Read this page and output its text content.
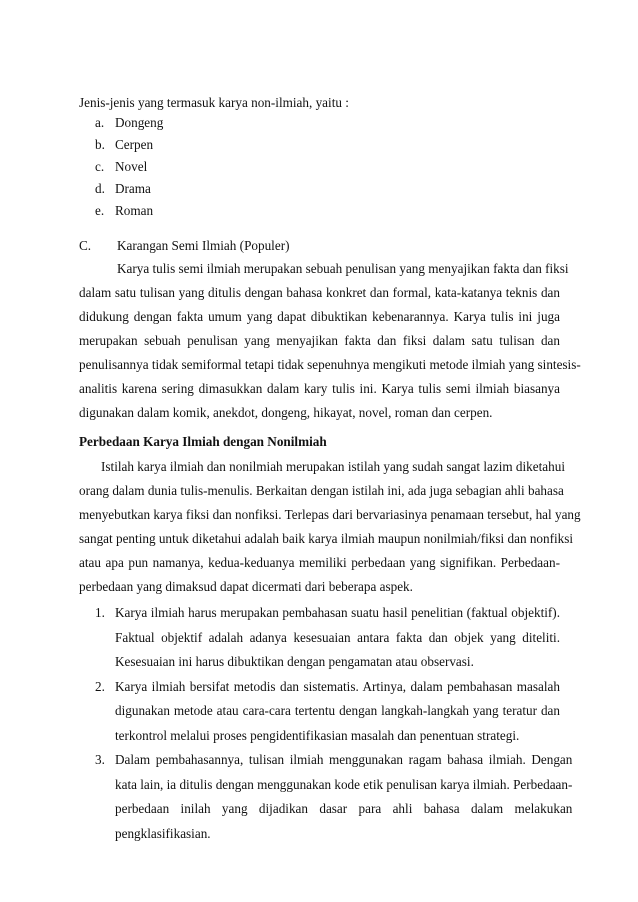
Jenis-jenis yang termasuk karya non-ilmiah, yaitu :
a. Dongeng
b. Cerpen
c. Novel
d. Drama
e. Roman
C.	Karangan Semi Ilmiah (Populer)
Karya tulis semi ilmiah merupakan sebuah penulisan yang menyajikan fakta dan fiksi
dalam satu tulisan yang ditulis dengan bahasa konkret dan formal, kata-katanya teknis dan
didukung dengan fakta umum yang dapat dibuktikan kebenarannya. Karya tulis ini juga
merupakan sebuah penulisan yang menyajikan fakta dan fiksi dalam satu tulisan dan
penulisannya tidak semiformal tetapi tidak sepenuhnya mengikuti metode ilmiah yang sintesis-
analitis karena sering dimasukkan dalam kary tulis ini. Karya tulis semi ilmiah biasanya
digunakan dalam komik, anekdot, dongeng, hikayat, novel, roman dan cerpen.
Perbedaan Karya Ilmiah dengan Nonilmiah
Istilah karya ilmiah dan nonilmiah merupakan istilah yang sudah sangat lazim diketahui
orang dalam dunia tulis-menulis. Berkaitan dengan istilah ini, ada juga sebagian ahli bahasa
menyebutkan karya fiksi dan nonfiksi. Terlepas dari bervariasinya penamaan tersebut, hal yang
sangat penting untuk diketahui adalah baik karya ilmiah maupun nonilmiah/fiksi dan nonfiksi
atau apa pun namanya, kedua-keduanya memiliki perbedaan yang signifikan. Perbedaan-
perbedaan yang dimaksud dapat dicermati dari beberapa aspek.
1. Karya ilmiah harus merupakan pembahasan suatu hasil penelitian (faktual objektif).
Faktual objektif adalah adanya kesesuaian antara fakta dan objek yang diteliti.
Kesesuaian ini harus dibuktikan dengan pengamatan atau observasi.
2. Karya ilmiah bersifat metodis dan sistematis. Artinya, dalam pembahasan masalah
digunakan metode atau cara-cara tertentu dengan langkah-langkah yang teratur dan
terkontrol melalui proses pengidentifikasian masalah dan penentuan strategi.
3. Dalam pembahasannya, tulisan ilmiah menggunakan ragam bahasa ilmiah. Dengan
kata lain, ia ditulis dengan menggunakan kode etik penulisan karya ilmiah. Perbedaan-
perbedaan inilah yang dijadikan dasar para ahli bahasa dalam melakukan
pengklasifikasian.
